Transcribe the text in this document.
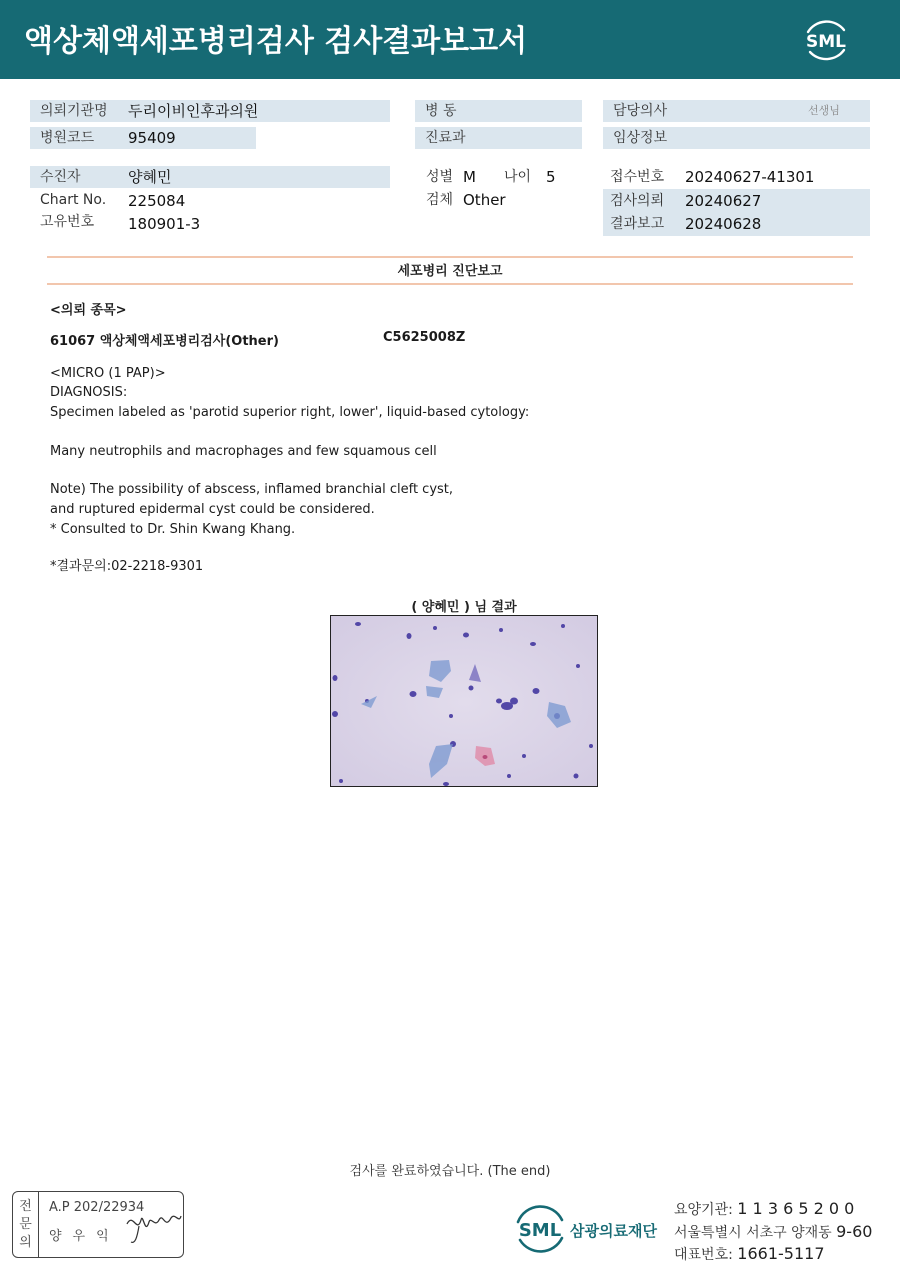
액상체액세포병리검사 검사결과보고서	SML
의뢰기관명	두리이비인후과의원
병원코드	95409
수진자	양혜민
Chart No. 225084
고유번호 180901-3
병 동
진료과
성별 M 나이 5
검체 Other
담당의사	선생님
임상정보
접수번호 20240627-41301
검사의뢰 20240627
결과보고 20240628
세포병리 진단보고
<의뢰 종목>
61067 액상체액세포병리검사(Other)	C5625008Z
<MICRO (1 PAP)>
DIAGNOSIS:
Specimen labeled as 'parotid superior right, lower', liquid-based cytology:
Many neutrophils and macrophages and few squamous cell
Note) The possibility of abscess, inflamed branchial cleft cyst,
and ruptured epidermal cyst could be considered.
* Consulted to Dr. Shin Kwang Khang.
*결과문의:02-2218-9301
( 양혜민 ) 님 결과
검사를 완료하였습니다. (The end)
전
문
의
A.P 202/22934
양우익	SML 삼광의료재단
요양기관: 1 1 3 6 5 2 0 0
서울특별시 서초구 양재동 9-60
대표번호: 1661-5117
